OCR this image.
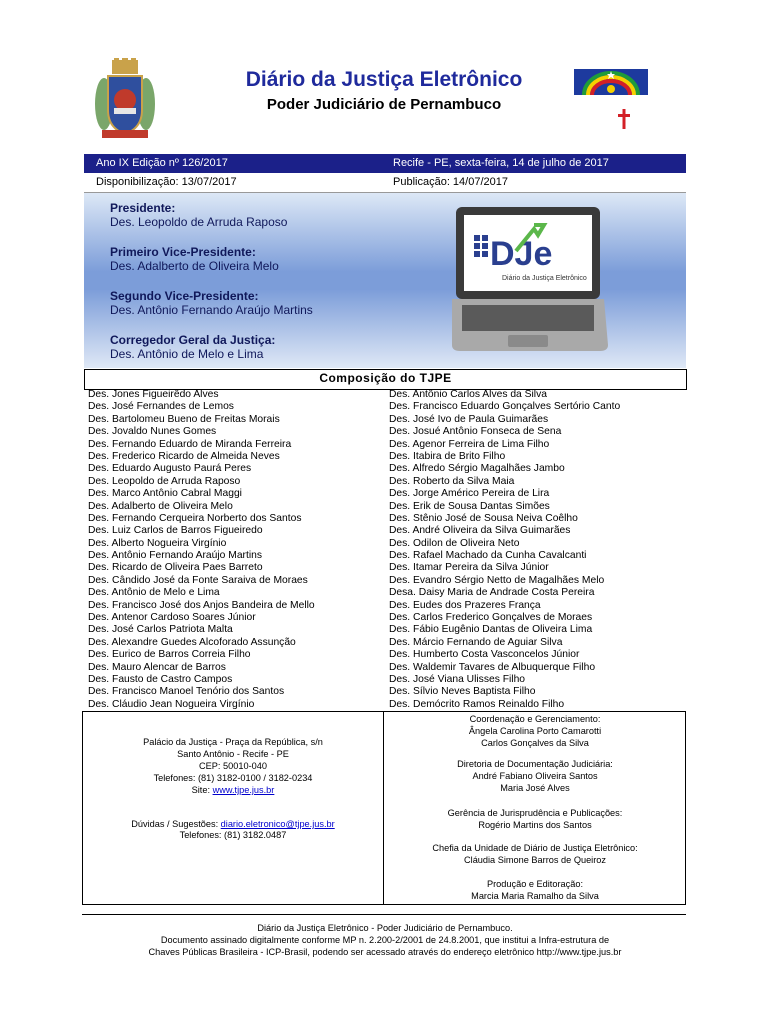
Diário da Justiça Eletrônico
Poder Judiciário de Pernambuco
Ano IX Edição nº 126/2017	Recife - PE, sexta-feira, 14 de julho de 2017
Disponibilização: 13/07/2017	Publicação: 14/07/2017
Presidente:
Des. Leopoldo de Arruda Raposo
Primeiro Vice-Presidente:
Des. Adalberto de Oliveira Melo
Segundo Vice-Presidente:
Des. Antônio Fernando Araújo Martins
Corregedor Geral da Justiça:
Des. Antônio de Melo e Lima
DJe
Diário da Justiça Eletrônico
Composição do TJPE
Des. Jones Figueirêdo Alves
Des. José Fernandes de Lemos
Des. Bartolomeu Bueno de Freitas Morais
Des. Jovaldo Nunes Gomes
Des. Fernando Eduardo de Miranda Ferreira
Des. Frederico Ricardo de Almeida Neves
Des. Eduardo Augusto Paurá Peres
Des. Leopoldo de Arruda Raposo
Des. Marco Antônio Cabral Maggi
Des. Adalberto de Oliveira Melo
Des. Fernando Cerqueira Norberto dos Santos
Des. Luiz Carlos de Barros Figueiredo
Des. Alberto Nogueira Virgínio
Des. Antônio Fernando Araújo Martins
Des. Ricardo de Oliveira Paes Barreto
Des. Cândido José da Fonte Saraiva de Moraes
Des. Antônio de Melo e Lima
Des. Francisco José dos Anjos Bandeira de Mello
Des. Antenor Cardoso Soares Júnior
Des. José Carlos Patriota Malta
Des. Alexandre Guedes Alcoforado Assunção
Des. Eurico de Barros Correia Filho
Des. Mauro Alencar de Barros
Des. Fausto de Castro Campos
Des. Francisco Manoel Tenório dos Santos
Des. Cláudio Jean Nogueira Virgínio
Des. Antônio Carlos Alves da Silva
Des. Francisco Eduardo Gonçalves Sertório Canto
Des. José Ivo de Paula Guimarães
Des. Josué Antônio Fonseca de Sena
Des. Agenor Ferreira de Lima Filho
Des. Itabira de Brito Filho
Des. Alfredo Sérgio Magalhães Jambo
Des. Roberto da Silva Maia
Des. Jorge Américo Pereira de Lira
Des. Erik de Sousa Dantas Simões
Des. Stênio José de Sousa Neiva Coêlho
Des. André Oliveira da Silva Guimarães
Des. Odilon de Oliveira Neto
Des. Rafael Machado da Cunha Cavalcanti
Des. Itamar Pereira da Silva Júnior
Des. Evandro Sérgio Netto de Magalhães Melo
Desa. Daisy Maria de Andrade Costa Pereira
Des. Eudes dos Prazeres França
Des. Carlos Frederico Gonçalves de Moraes
Des. Fábio Eugênio Dantas de Oliveira Lima
Des. Márcio Fernando de Aguiar Silva
Des. Humberto Costa Vasconcelos Júnior
Des. Waldemir Tavares de Albuquerque Filho
Des. José Viana Ulisses Filho
Des. Sílvio Neves Baptista Filho
Des. Demócrito Ramos Reinaldo Filho
Palácio da Justiça - Praça da República, s/n
Santo Antônio - Recife - PE
CEP: 50010-040
Telefones: (81) 3182-0100 / 3182-0234
Site: www.tjpe.jus.br
Dúvidas / Sugestões: diario.eletronico@tjpe.jus.br
Telefones: (81) 3182.0487
Coordenação e Gerenciamento:
Ângela Carolina Porto Camarotti
Carlos Gonçalves da Silva
Diretoria de Documentação Judiciária:
André Fabiano Oliveira Santos
Maria José Alves
Gerência de Jurisprudência e Publicações:
Rogério Martins dos Santos
Chefia da Unidade de Diário de Justiça Eletrônico:
Cláudia Simone Barros de Queiroz
Produção e Editoração:
Marcia Maria Ramalho da Silva
Diário da Justiça Eletrônico - Poder Judiciário de Pernambuco.
Documento assinado digitalmente conforme MP n. 2.200-2/2001 de 24.8.2001, que institui a Infra-estrutura de
Chaves Públicas Brasileira - ICP-Brasil, podendo ser acessado através do endereço eletrônico http://www.tjpe.jus.br
